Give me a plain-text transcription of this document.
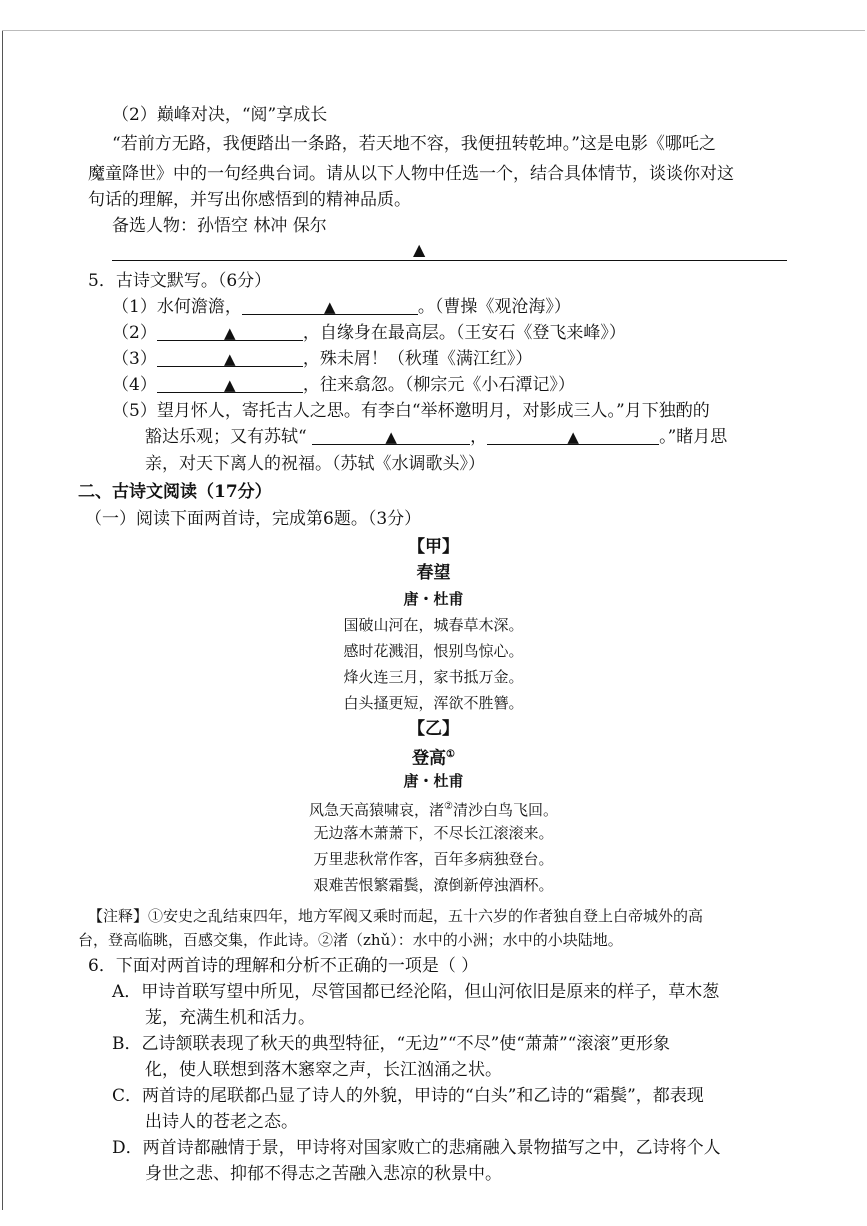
（2）巅峰对决，“阅”享成长
“若前方无路，我便踏出一条路，若天地不容，我便扭转乾坤。”这是电影《哪吒之
魔童降世》中的一句经典台词。请从以下人物中任选一个，结合具体情节，谈谈你对这
句话的理解，并写出你感悟到的精神品质。
备选人物：孙悟空 林冲 保尔
▲
5．古诗文默写。（6分）
（1）水何澹澹，	▲	。（曹操《观沧海》）
（2）	▲	，自缘身在最高层。（王安石《登飞来峰》）
（3）	▲	，殊未屑！（秋瑾《满江红》）
（4）	▲	，往来翕忽。（柳宗元《小石潭记》）
（5）望月怀人，寄托古人之思。有李白“举杯邀明月，对影成三人。”月下独酌的
豁达乐观；又有苏轼“	▲	，	▲	。”睹月思
亲，对天下离人的祝福。（苏轼《水调歌头》）
二、古诗文阅读（17分）
（一）阅读下面两首诗，完成第6题。（3分）
【甲】
春望
唐・杜甫
国破山河在，城春草木深。
感时花溅泪，恨别鸟惊心。
烽火连三月，家书抵万金。
白头搔更短，浑欲不胜簪。
【乙】
登高①
唐・杜甫
风急天高猿啸哀，渚②清沙白鸟飞回。
无边落木萧萧下，不尽长江滚滚来。
万里悲秋常作客，百年多病独登台。
艰难苦恨繁霜鬓，潦倒新停浊酒杯。
【注释】①安史之乱结束四年，地方军阀又乘时而起，五十六岁的作者独自登上白帝城外的高
台，登高临眺，百感交集，作此诗。②渚（zhǔ）：水中的小洲；水中的小块陆地。
6．下面对两首诗的理解和分析不正确的一项是（ ）
A．甲诗首联写望中所见，尽管国都已经沦陷，但山河依旧是原来的样子，草木葱
茏，充满生机和活力。
B．乙诗颔联表现了秋天的典型特征，“无边”“不尽”使“萧萧”“滚滚”更形象
化，使人联想到落木窸窣之声，长江汹涌之状。
C．两首诗的尾联都凸显了诗人的外貌，甲诗的“白头”和乙诗的“霜鬓”，都表现
出诗人的苍老之态。
D．两首诗都融情于景，甲诗将对国家败亡的悲痛融入景物描写之中，乙诗将个人
身世之悲、抑郁不得志之苦融入悲凉的秋景中。
